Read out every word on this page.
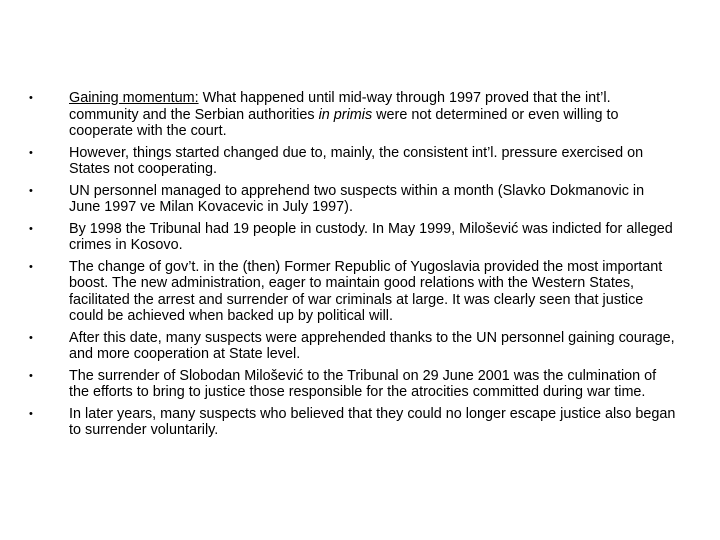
•	Gaining momentum: What happened until mid-way through 1997 proved that the int’l. community and the Serbian authorities in primis were not determined or even willing to cooperate with the court.
•	However, things started changed due to, mainly, the consistent int’l. pressure exercised on States not cooperating.
•	UN personnel managed to apprehend two suspects within a month (Slavko Dokmanovic in June 1997 ve Milan Kovacevic in July 1997).
•	By 1998 the Tribunal had 19 people in custody. In May 1999, Milošević was indicted for alleged crimes in Kosovo.
•	The change of gov’t. in the (then) Former Republic of Yugoslavia provided the most important boost. The new administration, eager to maintain good relations with the Western States, facilitated the arrest and surrender of war criminals at large. It was clearly seen that justice could be achieved when backed up by political will.
•	After this date, many suspects were apprehended thanks to the UN personnel gaining courage, and more cooperation at State level.
•	The surrender of Slobodan Milošević to the Tribunal on 29 June 2001 was the culmination of the efforts to bring to justice those responsible for the atrocities committed during war time.
•	In later years, many suspects who believed that they could no longer escape justice also began to surrender voluntarily.
